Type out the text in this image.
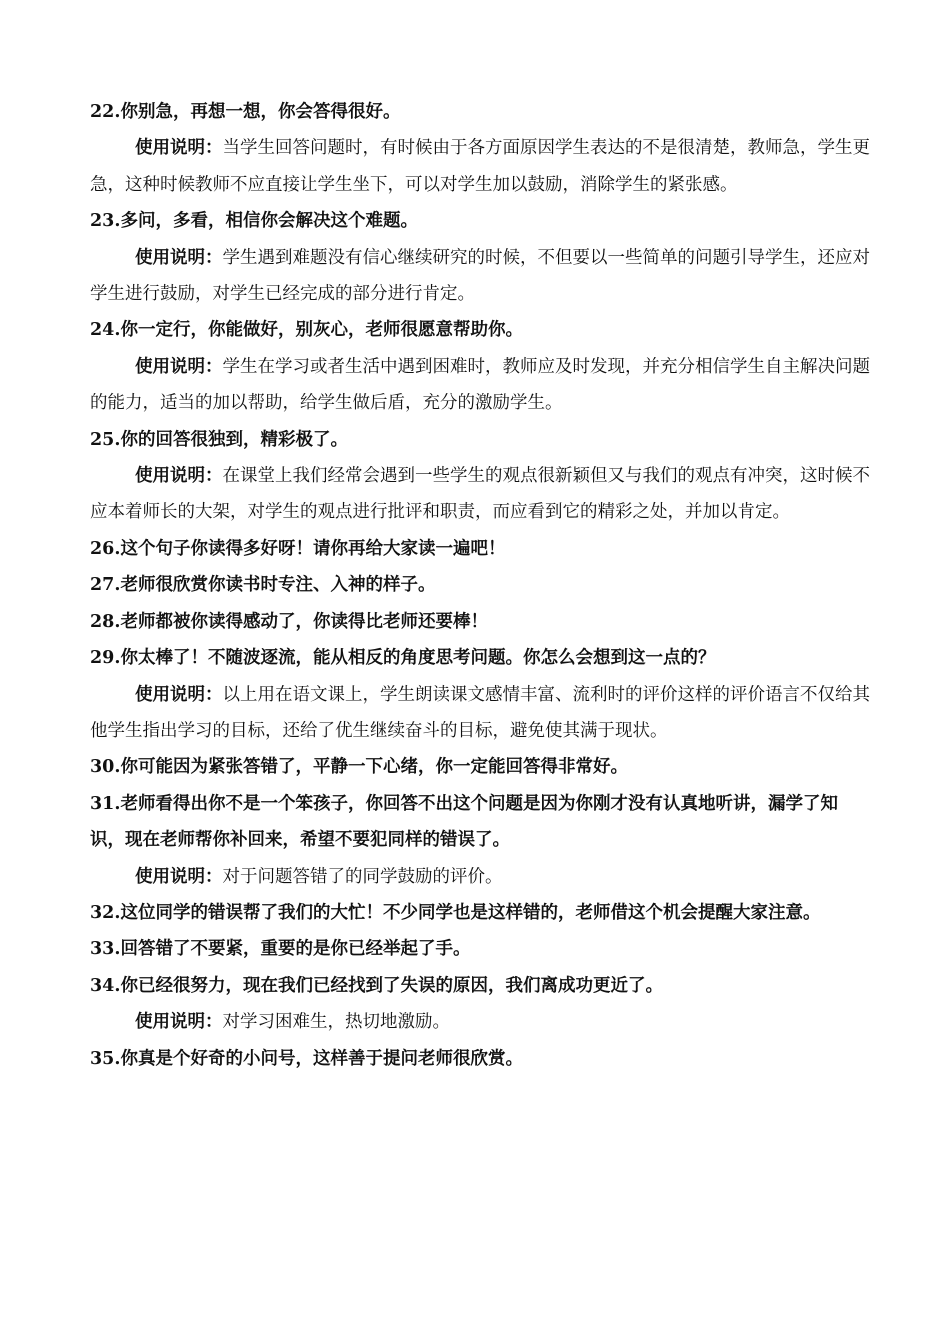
22.你别急，再想一想，你会答得很好。

使用说明：当学生回答问题时，有时候由于各方面原因学生表达的不是很清楚，教师急，学生更急，这种时候教师不应直接让学生坐下，可以对学生加以鼓励，消除学生的紧张感。

23.多问，多看，相信你会解决这个难题。

使用说明：学生遇到难题没有信心继续研究的时候，不但要以一些简单的问题引导学生，还应对学生进行鼓励，对学生已经完成的部分进行肯定。

24.你一定行，你能做好，别灰心，老师很愿意帮助你。

使用说明：学生在学习或者生活中遇到困难时，教师应及时发现，并充分相信学生自主解决问题的能力，适当的加以帮助，给学生做后盾，充分的激励学生。

25.你的回答很独到，精彩极了。

使用说明：在课堂上我们经常会遇到一些学生的观点很新颖但又与我们的观点有冲突，这时候不应本着师长的大架，对学生的观点进行批评和职责，而应看到它的精彩之处，并加以肯定。

26.这个句子你读得多好呀！请你再给大家读一遍吧！

27.老师很欣赏你读书时专注、入神的样子。

28.老师都被你读得感动了，你读得比老师还要棒！

29.你太棒了！不随波逐流，能从相反的角度思考问题。你怎么会想到这一点的？

使用说明：以上用在语文课上，学生朗读课文感情丰富、流利时的评价这样的评价语言不仅给其他学生指出学习的目标，还给了优生继续奋斗的目标，避免使其满于现状。

30.你可能因为紧张答错了，平静一下心绪，你一定能回答得非常好。

31.老师看得出你不是一个笨孩子，你回答不出这个问题是因为你刚才没有认真地听讲，漏学了知识，现在老师帮你补回来，希望不要犯同样的错误了。

使用说明：对于问题答错了的同学鼓励的评价。

32.这位同学的错误帮了我们的大忙！不少同学也是这样错的，老师借这个机会提醒大家注意。

33.回答错了不要紧，重要的是你已经举起了手。

34.你已经很努力，现在我们已经找到了失误的原因，我们离成功更近了。

使用说明：对学习困难生，热切地激励。

35.你真是个好奇的小问号，这样善于提问老师很欣赏。
